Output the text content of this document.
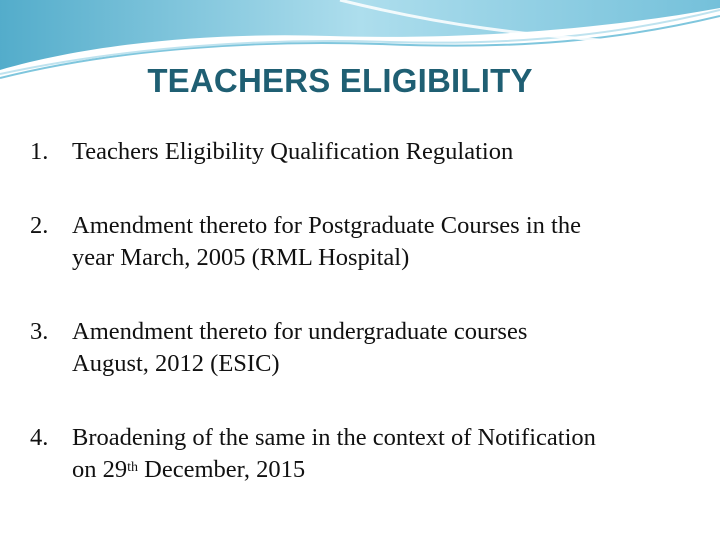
TEACHERS ELIGIBILITY
1. Teachers Eligibility Qualification Regulation
2. Amendment thereto for Postgraduate Courses in the
year March, 2005 (RML Hospital)
3. Amendment thereto for undergraduate courses
August, 2012 (ESIC)
4. Broadening of the same in the context of Notification
on 29th December, 2015
